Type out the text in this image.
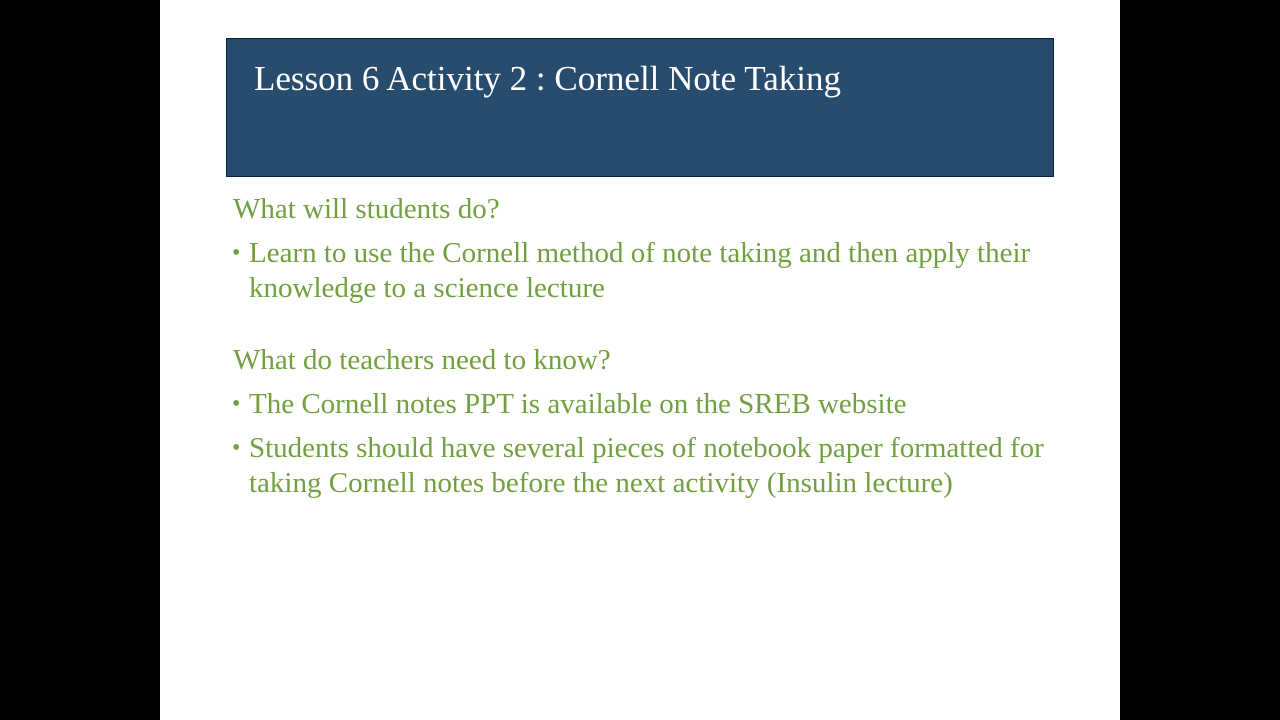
Lesson 6 Activity 2 : Cornell Note Taking

What will students do?

• Learn to use the Cornell method of note taking and then apply their knowledge to a science lecture

What do teachers need to know?

• The Cornell notes PPT is available on the SREB website
• Students should have several pieces of notebook paper formatted for taking Cornell notes before the next activity (Insulin lecture)
